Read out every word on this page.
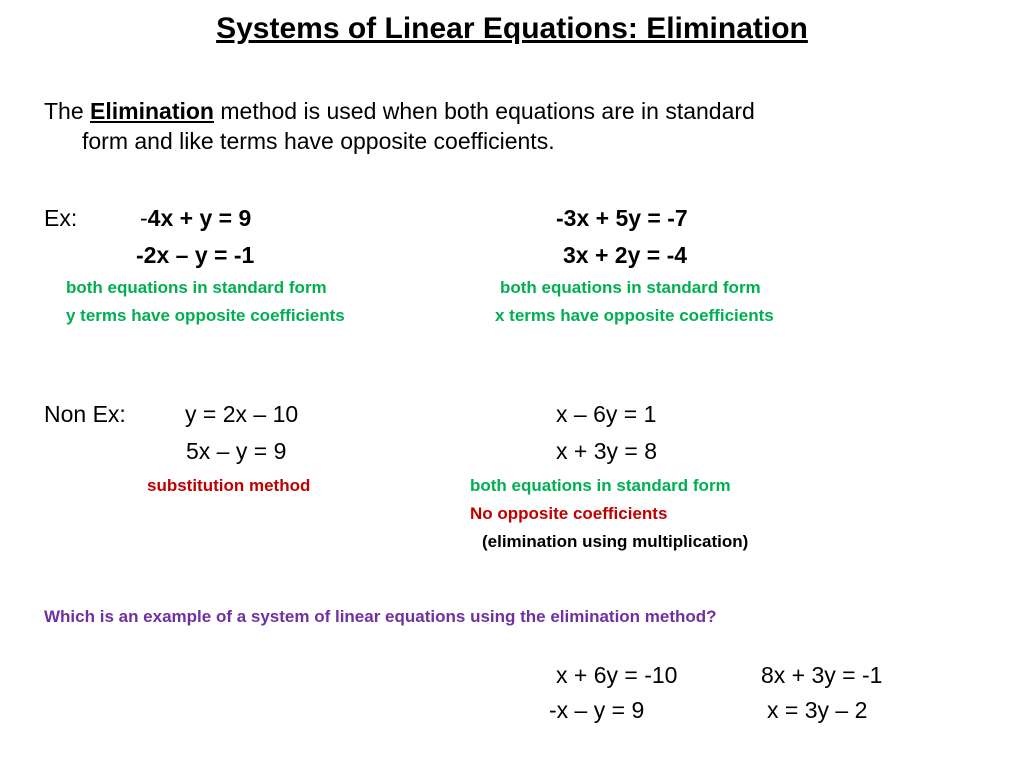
Systems of Linear Equations: Elimination
The Elimination method is used when both equations are in standard
form and like terms have opposite coefficients.
Ex:	-4x + y = 9
-2x – y = -1
both equations in standard form
y terms have opposite coefficients
-3x + 5y = -7
3x + 2y = -4
both equations in standard form
x terms have opposite coefficients
Non Ex:	y = 2x – 10
5x – y = 9
substitution method
x – 6y = 1
x + 3y = 8
both equations in standard form
No opposite coefficients
(elimination using multiplication)
Which is an example of a system of linear equations using the elimination method?
x + 6y = -10
-x – y = 9
8x + 3y = -1
x = 3y – 2
